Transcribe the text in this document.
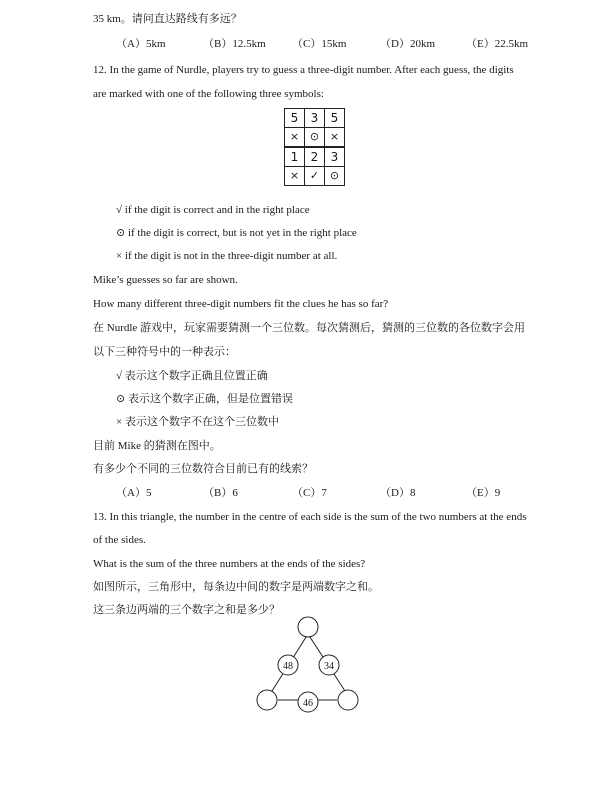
35 km。请问直达路线有多远？
（A）5km	（B）12.5km （C）15km	（D）20km	（E）22.5km
12. In the game of Nurdle, players try to guess a three-digit number. After each guess, the digits
are marked with one of the following three symbols:
5	3	5
×	⊙	×
1	2	3
×	✓	⊙
√ if the digit is correct and in the right place
⊙ if the digit is correct, but is not yet in the right place
× if the digit is not in the three-digit number at all.
Mike’s guesses so far are shown.
How many different three-digit numbers fit the clues he has so far?
在 Nurdle 游戏中，玩家需要猜测一个三位数。每次猜测后，猜测的三位数的各位数字会用
以下三种符号中的一种表示：
√ 表示这个数字正确且位置正确
⊙ 表示这个数字正确，但是位置错误
× 表示这个数字不在这个三位数中
目前 Mike 的猜测在图中。
有多少个不同的三位数符合目前已有的线索？
（A）5	（B）6	（C）7	（D）8	（E）9
13. In this triangle, the number in the centre of each side is the sum of the two numbers at the ends
of the sides.
What is the sum of the three numbers at the ends of the sides?
如图所示，三角形中，每条边中间的数字是两端数字之和。
这三条边两端的三个数字之和是多少？
48	34
46
